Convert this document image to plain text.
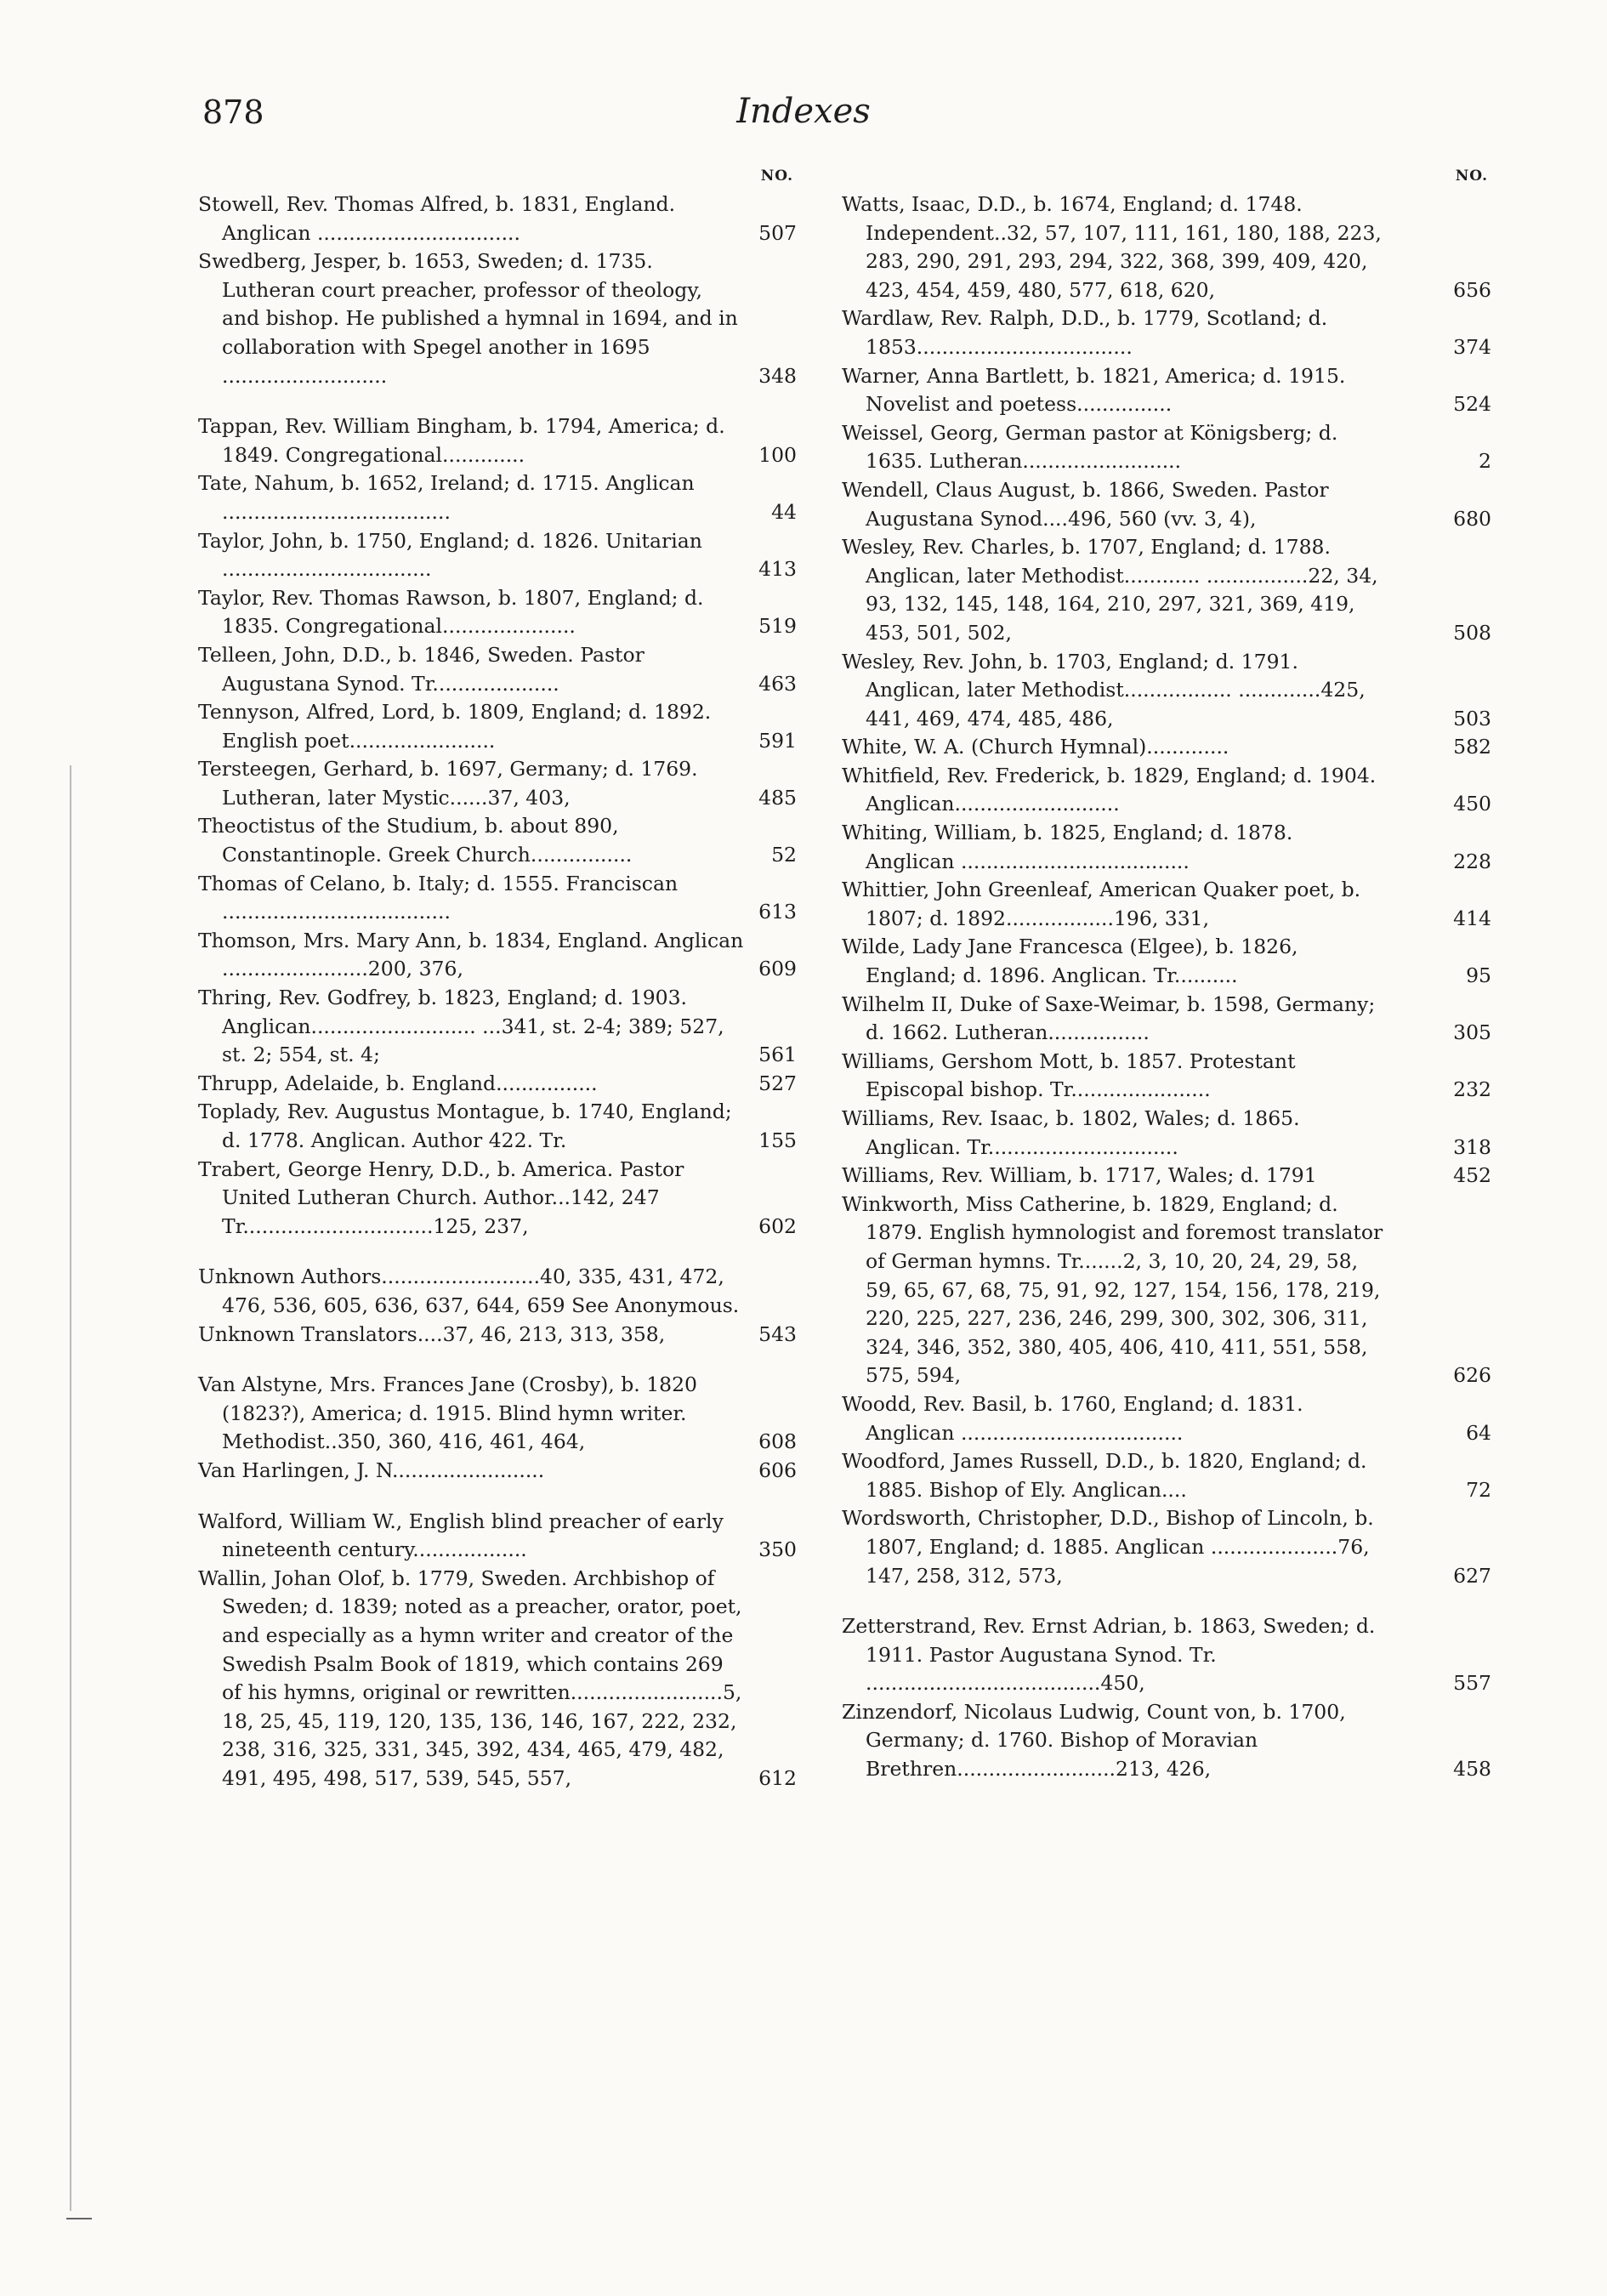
878	Indexes
NO.
Stowell, Rev. Thomas Alfred, b. 1831, England. Anglican ................................	507
Swedberg, Jesper, b. 1653, Sweden; d. 1735. Lutheran court preacher, professor of theology, and bishop. He published a hymnal in 1694, and in collaboration with Spegel another in 1695 ..........................	348
Tappan, Rev. William Bingham, b. 1794, America; d. 1849. Congregational.............	100
Tate, Nahum, b. 1652, Ireland; d. 1715. Anglican ....................................	44
Taylor, John, b. 1750, England; d. 1826. Unitarian .................................	413
Taylor, Rev. Thomas Rawson, b. 1807, England; d. 1835. Congregational.....................	519
Telleen, John, D.D., b. 1846, Sweden. Pastor Augustana Synod. Tr....................	463
Tennyson, Alfred, Lord, b. 1809, England; d. 1892. English poet.......................	591
Tersteegen, Gerhard, b. 1697, Germany; d. 1769. Lutheran, later Mystic......37, 403,	485
Theoctistus of the Studium, b. about 890, Constantinople. Greek Church................	52
Thomas of Celano, b. Italy; d. 1555. Franciscan ....................................	613
Thomson, Mrs. Mary Ann, b. 1834, England. Anglican .......................200, 376,	609
Thring, Rev. Godfrey, b. 1823, England; d. 1903. Anglican.......................... ...341, st. 2-4; 389; 527, st. 2; 554, st. 4;	561
Thrupp, Adelaide, b. England................	527
Toplady, Rev. Augustus Montague, b. 1740, England; d. 1778. Anglican. Author 422. Tr.	155
Trabert, George Henry, D.D., b. America. Pastor United Lutheran Church. Author...142, 247 Tr..............................125, 237,	602
Unknown Authors.........................40, 335, 431, 472, 476, 536, 605, 636, 637, 644, 659 See Anonymous.
Unknown Translators....37, 46, 213, 313, 358,	543
Van Alstyne, Mrs. Frances Jane (Crosby), b. 1820 (1823?), America; d. 1915. Blind hymn writer. Methodist..350, 360, 416, 461, 464,	608
Van Harlingen, J. N........................	606
Walford, William W., English blind preacher of early nineteenth century..................	350
Wallin, Johan Olof, b. 1779, Sweden. Archbishop of Sweden; d. 1839; noted as a preacher, orator, poet, and especially as a hymn writer and creator of the Swedish Psalm Book of 1819, which contains 269 of his hymns, original or rewritten........................5, 18, 25, 45, 119, 120, 135, 136, 146, 167, 222, 232, 238, 316, 325, 331, 345, 392, 434, 465, 479, 482, 491, 495, 498, 517, 539, 545, 557,	612
NO.
Watts, Isaac, D.D., b. 1674, England; d. 1748. Independent..32, 57, 107, 111, 161, 180, 188, 223, 283, 290, 291, 293, 294, 322, 368, 399, 409, 420, 423, 454, 459, 480, 577, 618, 620,	656
Wardlaw, Rev. Ralph, D.D., b. 1779, Scotland; d. 1853..................................	374
Warner, Anna Bartlett, b. 1821, America; d. 1915. Novelist and poetess...............	524
Weissel, Georg, German pastor at Königsberg; d. 1635. Lutheran.........................	2
Wendell, Claus August, b. 1866, Sweden. Pastor Augustana Synod....496, 560 (vv. 3, 4),	680
Wesley, Rev. Charles, b. 1707, England; d. 1788. Anglican, later Methodist............ ................22, 34, 93, 132, 145, 148, 164, 210, 297, 321, 369, 419, 453, 501, 502,	508
Wesley, Rev. John, b. 1703, England; d. 1791. Anglican, later Methodist................. .............425, 441, 469, 474, 485, 486,	503
White, W. A. (Church Hymnal).............	582
Whitfield, Rev. Frederick, b. 1829, England; d. 1904. Anglican..........................	450
Whiting, William, b. 1825, England; d. 1878. Anglican ....................................	228
Whittier, John Greenleaf, American Quaker poet, b. 1807; d. 1892.................196, 331,	414
Wilde, Lady Jane Francesca (Elgee), b. 1826, England; d. 1896. Anglican. Tr..........	95
Wilhelm II, Duke of Saxe-Weimar, b. 1598, Germany; d. 1662. Lutheran................	305
Williams, Gershom Mott, b. 1857. Protestant Episcopal bishop. Tr......................	232
Williams, Rev. Isaac, b. 1802, Wales; d. 1865. Anglican. Tr..............................	318
Williams, Rev. William, b. 1717, Wales; d. 1791	452
Winkworth, Miss Catherine, b. 1829, England; d. 1879. English hymnologist and foremost translator of German hymns. Tr.......2, 3, 10, 20, 24, 29, 58, 59, 65, 67, 68, 75, 91, 92, 127, 154, 156, 178, 219, 220, 225, 227, 236, 246, 299, 300, 302, 306, 311, 324, 346, 352, 380, 405, 406, 410, 411, 551, 558, 575, 594,	626
Woodd, Rev. Basil, b. 1760, England; d. 1831. Anglican ...................................	64
Woodford, James Russell, D.D., b. 1820, England; d. 1885. Bishop of Ely. Anglican....	72
Wordsworth, Christopher, D.D., Bishop of Lincoln, b. 1807, England; d. 1885. Anglican ....................76, 147, 258, 312, 573,	627
Zetterstrand, Rev. Ernst Adrian, b. 1863, Sweden; d. 1911. Pastor Augustana Synod. Tr. .....................................450,	557
Zinzendorf, Nicolaus Ludwig, Count von, b. 1700, Germany; d. 1760. Bishop of Moravian Brethren.........................213, 426,	458
